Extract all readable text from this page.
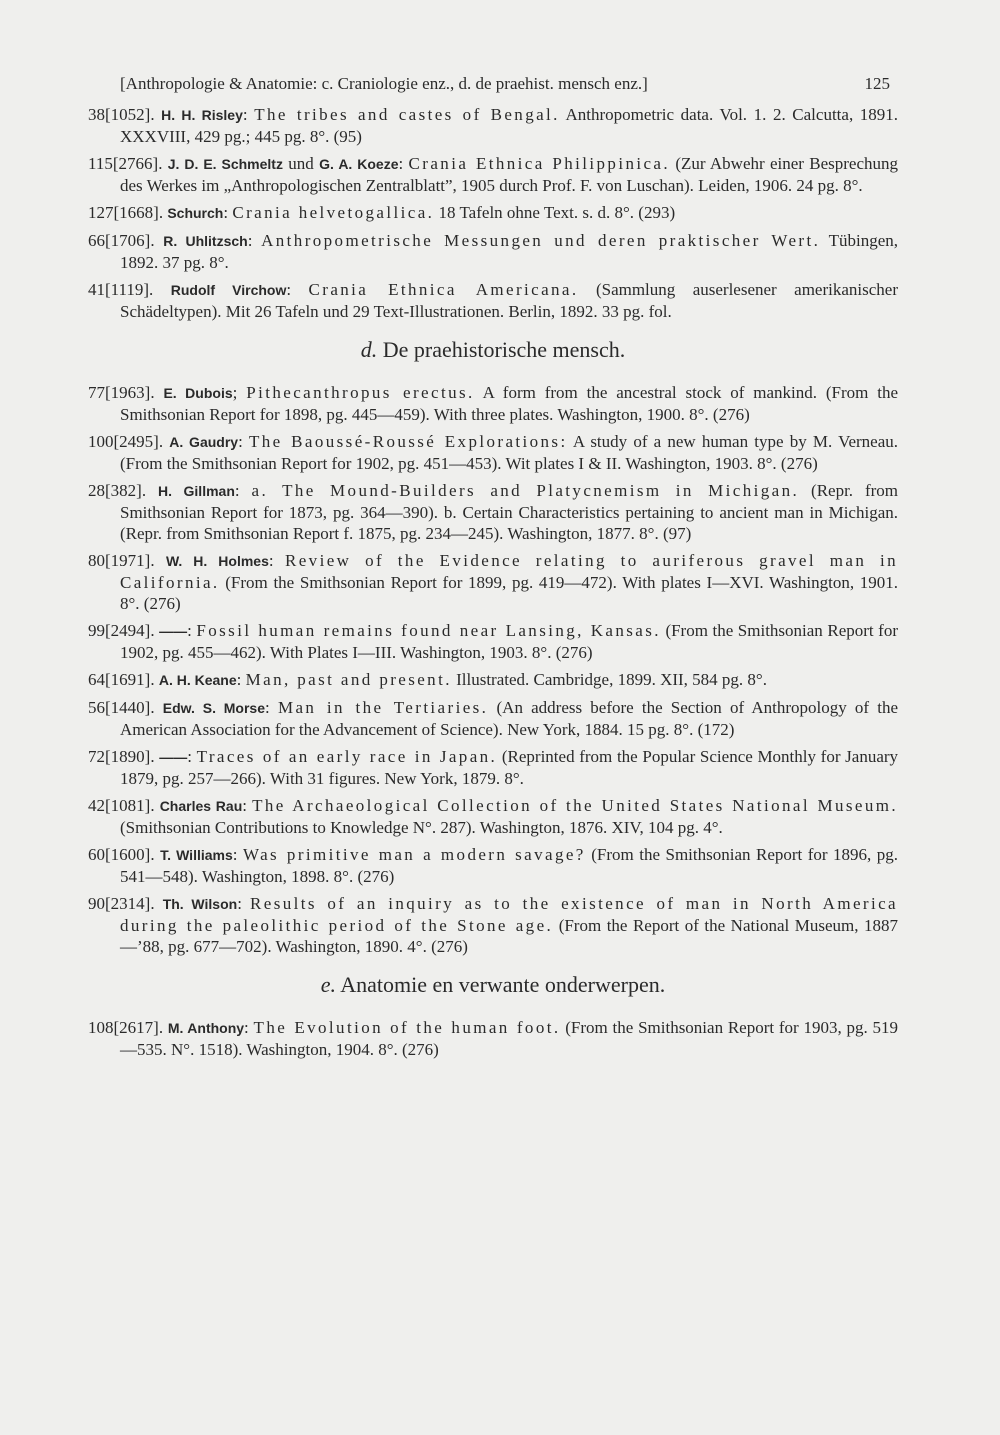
[Anthropologie & Anatomie: c. Craniologie enz., d. de praehist. mensch enz.]	125
38[1052]. H. H. Risley: The tribes and castes of Bengal. Anthropometric data. Vol. 1. 2. Calcutta, 1891. XXXVIII, 429 pg.; 445 pg. 8°. (95)
115[2766]. J. D. E. Schmeltz und G. A. Koeze: Crania Ethnica Philippinica. (Zur Abwehr einer Besprechung des Werkes im „Anthropologischen Zentralblatt”, 1905 durch Prof. F. von Luschan). Leiden, 1906. 24 pg. 8°.
127[1668]. Schurch: Crania helvetogallica. 18 Tafeln ohne Text. s. d. 8°. (293)
66[1706]. R. Uhlitzsch: Anthropometrische Messungen und deren praktischer Wert. Tübingen, 1892. 37 pg. 8°.
41[1119]. Rudolf Virchow: Crania Ethnica Americana. (Sammlung auserlesener amerikanischer Schädeltypen). Mit 26 Tafeln und 29 Text-Illustrationen. Berlin, 1892. 33 pg. fol.
d. De praehistorische mensch.
77[1963]. E. Dubois; Pithecanthropus erectus. A form from the ancestral stock of mankind. (From the Smithsonian Report for 1898, pg. 445—459). With three plates. Washington, 1900. 8°. (276)
100[2495]. A. Gaudry: The Baoussé-Roussé Explorations: A study of a new human type by M. Verneau. (From the Smithsonian Report for 1902, pg. 451—453). Wit plates I & II. Washington, 1903. 8°. (276)
28[382]. H. Gillman: a. The Mound-Builders and Platycnemism in Michigan. (Repr. from Smithsonian Report for 1873, pg. 364—390). b. Certain Characteristics pertaining to ancient man in Michigan. (Repr. from Smithsonian Report f. 1875, pg. 234—245). Washington, 1877. 8°. (97)
80[1971]. W. H. Holmes: Review of the Evidence relating to auriferous gravel man in California. (From the Smithsonian Report for 1899, pg. 419—472). With plates I—XVI. Washington, 1901. 8°. (276)
99[2494]. ——: Fossil human remains found near Lansing, Kansas. (From the Smithsonian Report for 1902, pg. 455—462). With Plates I—III. Washington, 1903. 8°. (276)
64[1691]. A. H. Keane: Man, past and present. Illustrated. Cambridge, 1899. XII, 584 pg. 8°.
56[1440]. Edw. S. Morse: Man in the Tertiaries. (An address before the Section of Anthropology of the American Association for the Advancement of Science). New York, 1884. 15 pg. 8°. (172)
72[1890]. ——: Traces of an early race in Japan. (Reprinted from the Popular Science Monthly for January 1879, pg. 257—266). With 31 figures. New York, 1879. 8°.
42[1081]. Charles Rau: The Archaeological Collection of the United States National Museum. (Smithsonian Contributions to Knowledge N°. 287). Washington, 1876. XIV, 104 pg. 4°.
60[1600]. T. Williams: Was primitive man a modern savage? (From the Smithsonian Report for 1896, pg. 541—548). Washington, 1898. 8°. (276)
90[2314]. Th. Wilson: Results of an inquiry as to the existence of man in North America during the paleolithic period of the Stone age. (From the Report of the National Museum, 1887—’88, pg. 677—702). Washington, 1890. 4°. (276)
e. Anatomie en verwante onderwerpen.
108[2617]. M. Anthony: The Evolution of the human foot. (From the Smithsonian Report for 1903, pg. 519—535. N°. 1518). Washington, 1904. 8°. (276)
